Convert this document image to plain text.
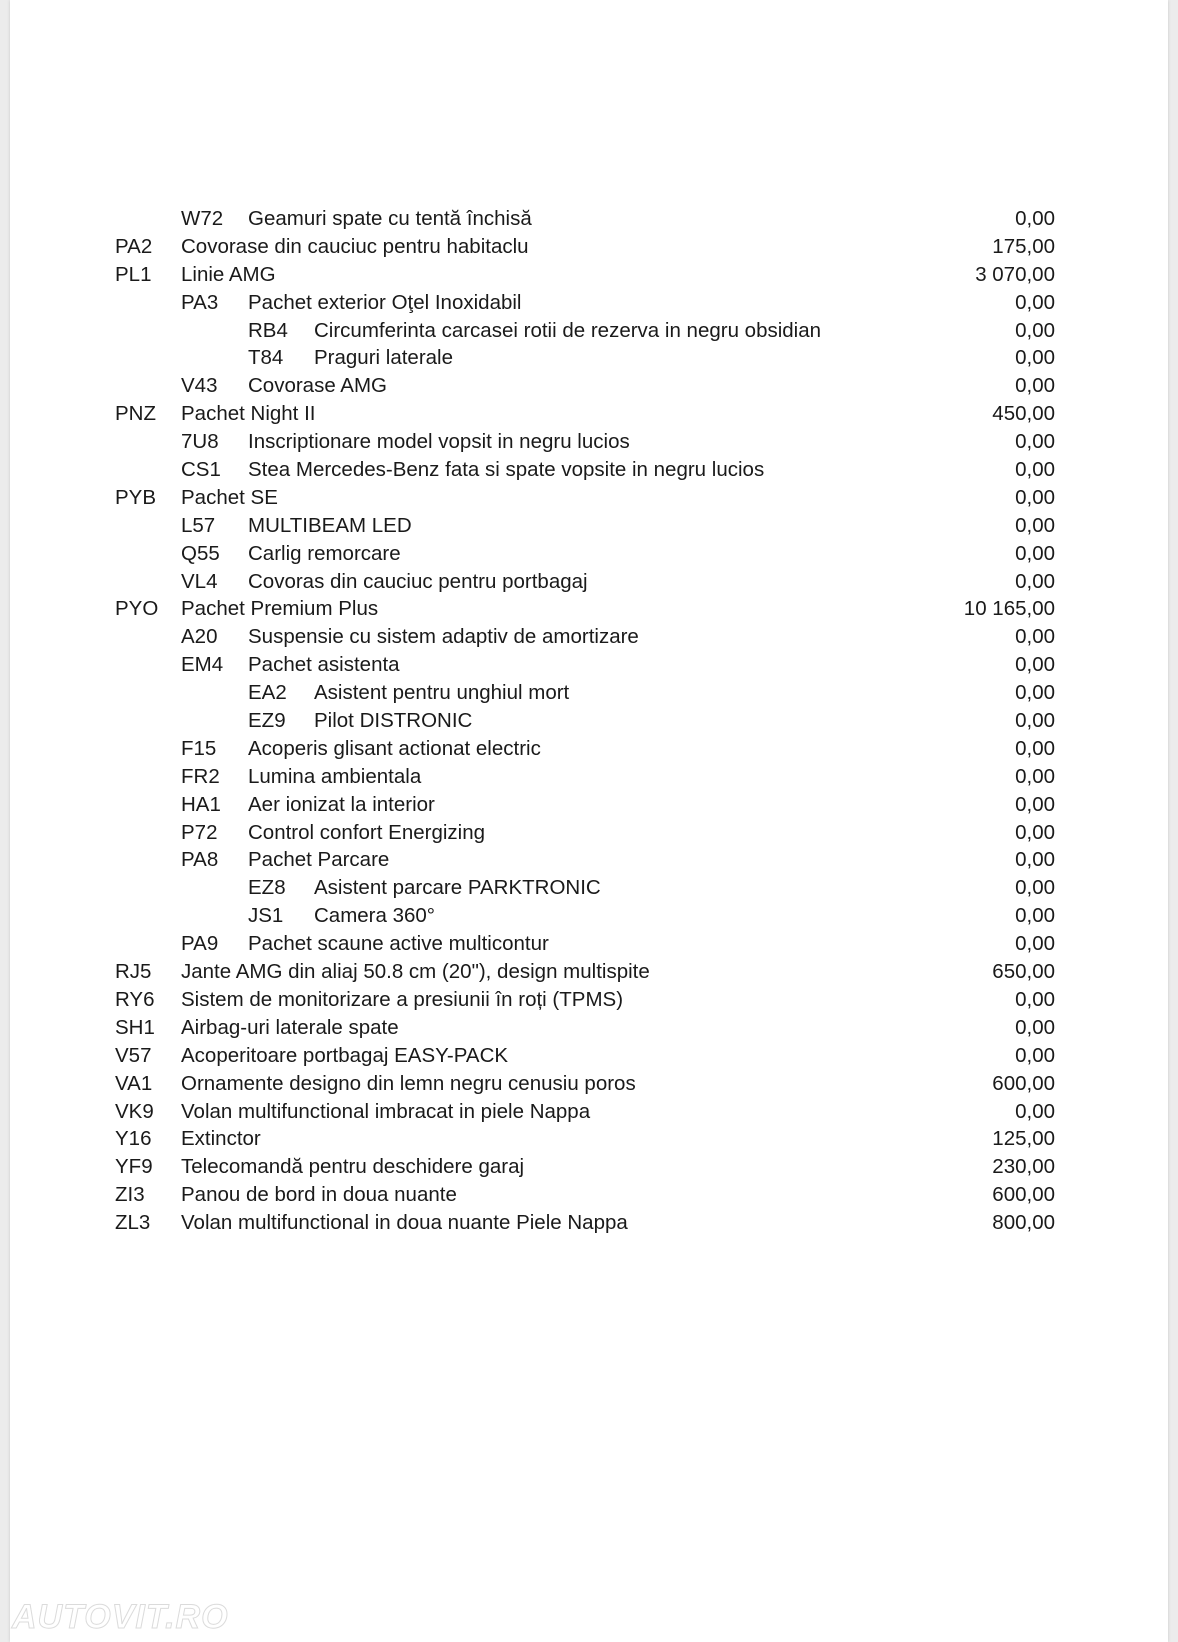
W72 Geamuri spate cu tentă închisă	0,00
PA2 Covorase din cauciuc pentru habitaclu	175,00
PL1 Linie AMG	3 070,00
PA3 Pachet exterior Oţel Inoxidabil	0,00
RB4 Circumferinta carcasei rotii de rezerva in negru obsidian	0,00
T84 Praguri laterale	0,00
V43 Covorase AMG	0,00
PNZ Pachet Night II	450,00
7U8 Inscriptionare model vopsit in negru lucios	0,00
CS1 Stea Mercedes-Benz fata si spate vopsite in negru lucios	0,00
PYB Pachet SE	0,00
L57 MULTIBEAM LED	0,00
Q55 Carlig remorcare	0,00
VL4 Covoras din cauciuc pentru portbagaj	0,00
PYO Pachet Premium Plus	10 165,00
A20 Suspensie cu sistem adaptiv de amortizare	0,00
EM4 Pachet asistenta	0,00
EA2 Asistent pentru unghiul mort	0,00
EZ9 Pilot DISTRONIC	0,00
F15 Acoperis glisant actionat electric	0,00
FR2 Lumina ambientala	0,00
HA1 Aer ionizat la interior	0,00
P72 Control confort Energizing	0,00
PA8 Pachet Parcare	0,00
EZ8 Asistent parcare PARKTRONIC	0,00
JS1 Camera 360°	0,00
PA9 Pachet scaune active multicontur	0,00
RJ5 Jante AMG din aliaj 50.8 cm (20"), design multispite	650,00
RY6 Sistem de monitorizare a presiunii în roți (TPMS)	0,00
SH1 Airbag-uri laterale spate	0,00
V57 Acoperitoare portbagaj EASY-PACK	0,00
VA1 Ornamente designo din lemn negru cenusiu poros	600,00
VK9 Volan multifunctional imbracat in piele Nappa	0,00
Y16 Extinctor	125,00
YF9 Telecomandă pentru deschidere garaj	230,00
ZI3 Panou de bord in doua nuante	600,00
ZL3 Volan multifunctional in doua nuante Piele Nappa	800,00
AUTOVIT.RO
